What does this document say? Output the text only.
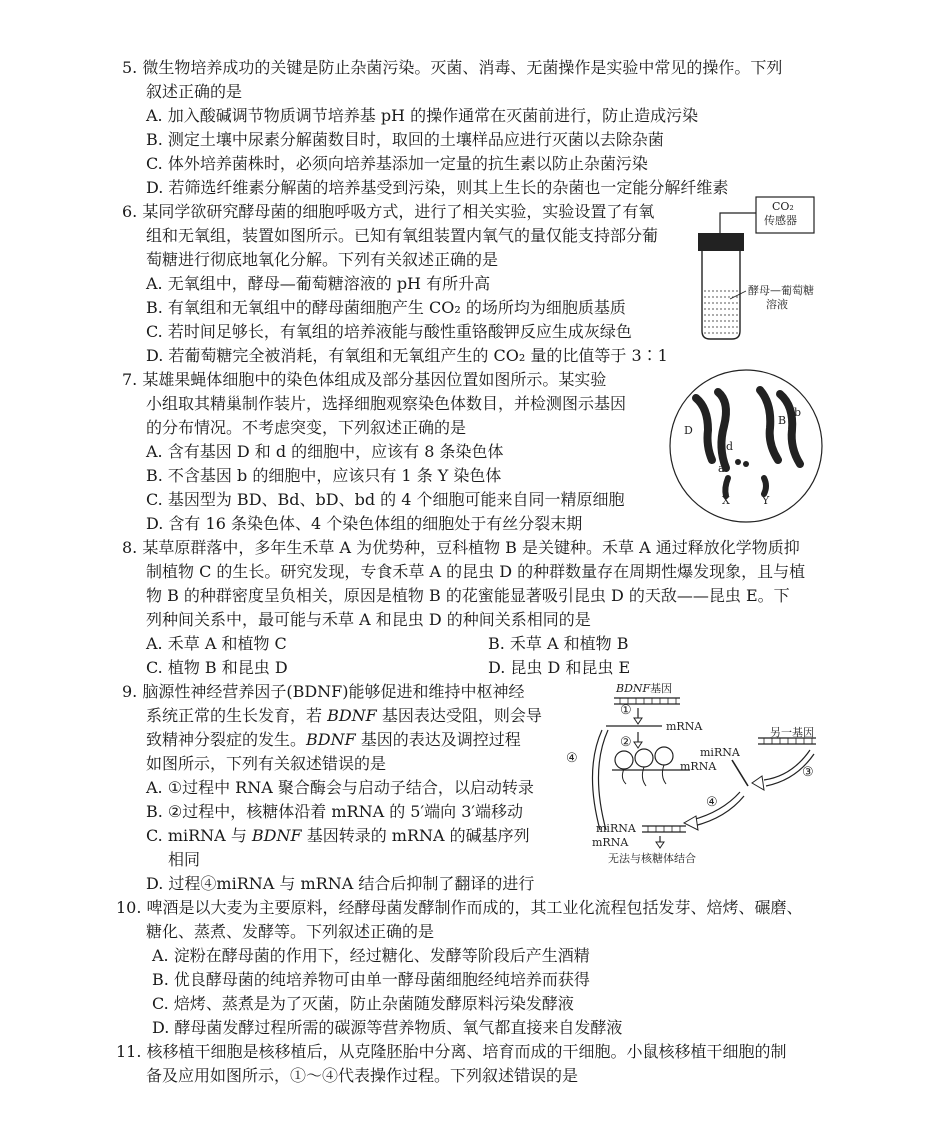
5. 微生物培养成功的关键是防止杂菌污染。灭菌、消毒、无菌操作是实验中常见的操作。下列
叙述正确的是
A. 加入酸碱调节物质调节培养基 pH 的操作通常在灭菌前进行，防止造成污染
B. 测定土壤中尿素分解菌数目时，取回的土壤样品应进行灭菌以去除杂菌
C. 体外培养菌株时，必须向培养基添加一定量的抗生素以防止杂菌污染
D. 若筛选纤维素分解菌的培养基受到污染，则其上生长的杂菌也一定能分解纤维素
6. 某同学欲研究酵母菌的细胞呼吸方式，进行了相关实验，实验设置了有氧
组和无氧组，装置如图所示。已知有氧组装置内氧气的量仅能支持部分葡
萄糖进行彻底地氧化分解。下列有关叙述正确的是
A. 无氧组中，酵母—葡萄糖溶液的 pH 有所升高
B. 有氧组和无氧组中的酵母菌细胞产生 CO₂ 的场所均为细胞质基质
C. 若时间足够长，有氧组的培养液能与酸性重铬酸钾反应生成灰绿色
D. 若葡萄糖完全被消耗，有氧组和无氧组产生的 CO₂ 量的比值等于 3∶1
CO₂
传感器
酵母—葡萄糖
溶液
7. 某雄果蝇体细胞中的染色体组成及部分基因位置如图所示。某实验
小组取其精巢制作装片，选择细胞观察染色体数目，并检测图示基因
的分布情况。不考虑突变，下列叙述正确的是
A. 含有基因 D 和 d 的细胞中，应该有 8 条染色体
B. 不含基因 b 的细胞中，应该只有 1 条 Y 染色体
C. 基因型为 BD、Bd、bD、bd 的 4 个细胞可能来自同一精原细胞
D. 含有 16 条染色体、4 个染色体组的细胞处于有丝分裂末期
D
d
B
b
a
X	Y
8. 某草原群落中，多年生禾草 A 为优势种，豆科植物 B 是关键种。禾草 A 通过释放化学物质抑
制植物 C 的生长。研究发现，专食禾草 A 的昆虫 D 的种群数量存在周期性爆发现象，且与植
物 B 的种群密度呈负相关，原因是植物 B 的花蜜能显著吸引昆虫 D 的天敌——昆虫 E。下
列种间关系中，最可能与禾草 A 和昆虫 D 的种间关系相同的是
A. 禾草 A 和植物 C	B. 禾草 A 和植物 B
C. 植物 B 和昆虫 D	D. 昆虫 D 和昆虫 E
9. 脑源性神经营养因子(BDNF)能够促进和维持中枢神经
系统正常的生长发育，若 BDNF 基因表达受阻，则会导
致精神分裂症的发生。BDNF 基因的表达及调控过程
如图所示，下列有关叙述错误的是
A. ①过程中 RNA 聚合酶会与启动子结合，以启动转录
B. ②过程中，核糖体沿着 mRNA 的 5′端向 3′端移动
C. miRNA 与 BDNF 基因转录的 mRNA 的碱基序列
相同
D. 过程④miRNA 与 mRNA 结合后抑制了翻译的进行
BDNF基因
①
mRNA
②
miRNA
mRNA
另一基因
③
④
④
miRNA
mRNA
无法与核糖体结合
10. 啤酒是以大麦为主要原料，经酵母菌发酵制作而成的，其工业化流程包括发芽、焙烤、碾磨、
糖化、蒸煮、发酵等。下列叙述正确的是
A. 淀粉在酵母菌的作用下，经过糖化、发酵等阶段后产生酒精
B. 优良酵母菌的纯培养物可由单一酵母菌细胞经纯培养而获得
C. 焙烤、蒸煮是为了灭菌，防止杂菌随发酵原料污染发酵液
D. 酵母菌发酵过程所需的碳源等营养物质、氧气都直接来自发酵液
11. 核移植干细胞是核移植后，从克隆胚胎中分离、培育而成的干细胞。小鼠核移植干细胞的制
备及应用如图所示，①～④代表操作过程。下列叙述错误的是
